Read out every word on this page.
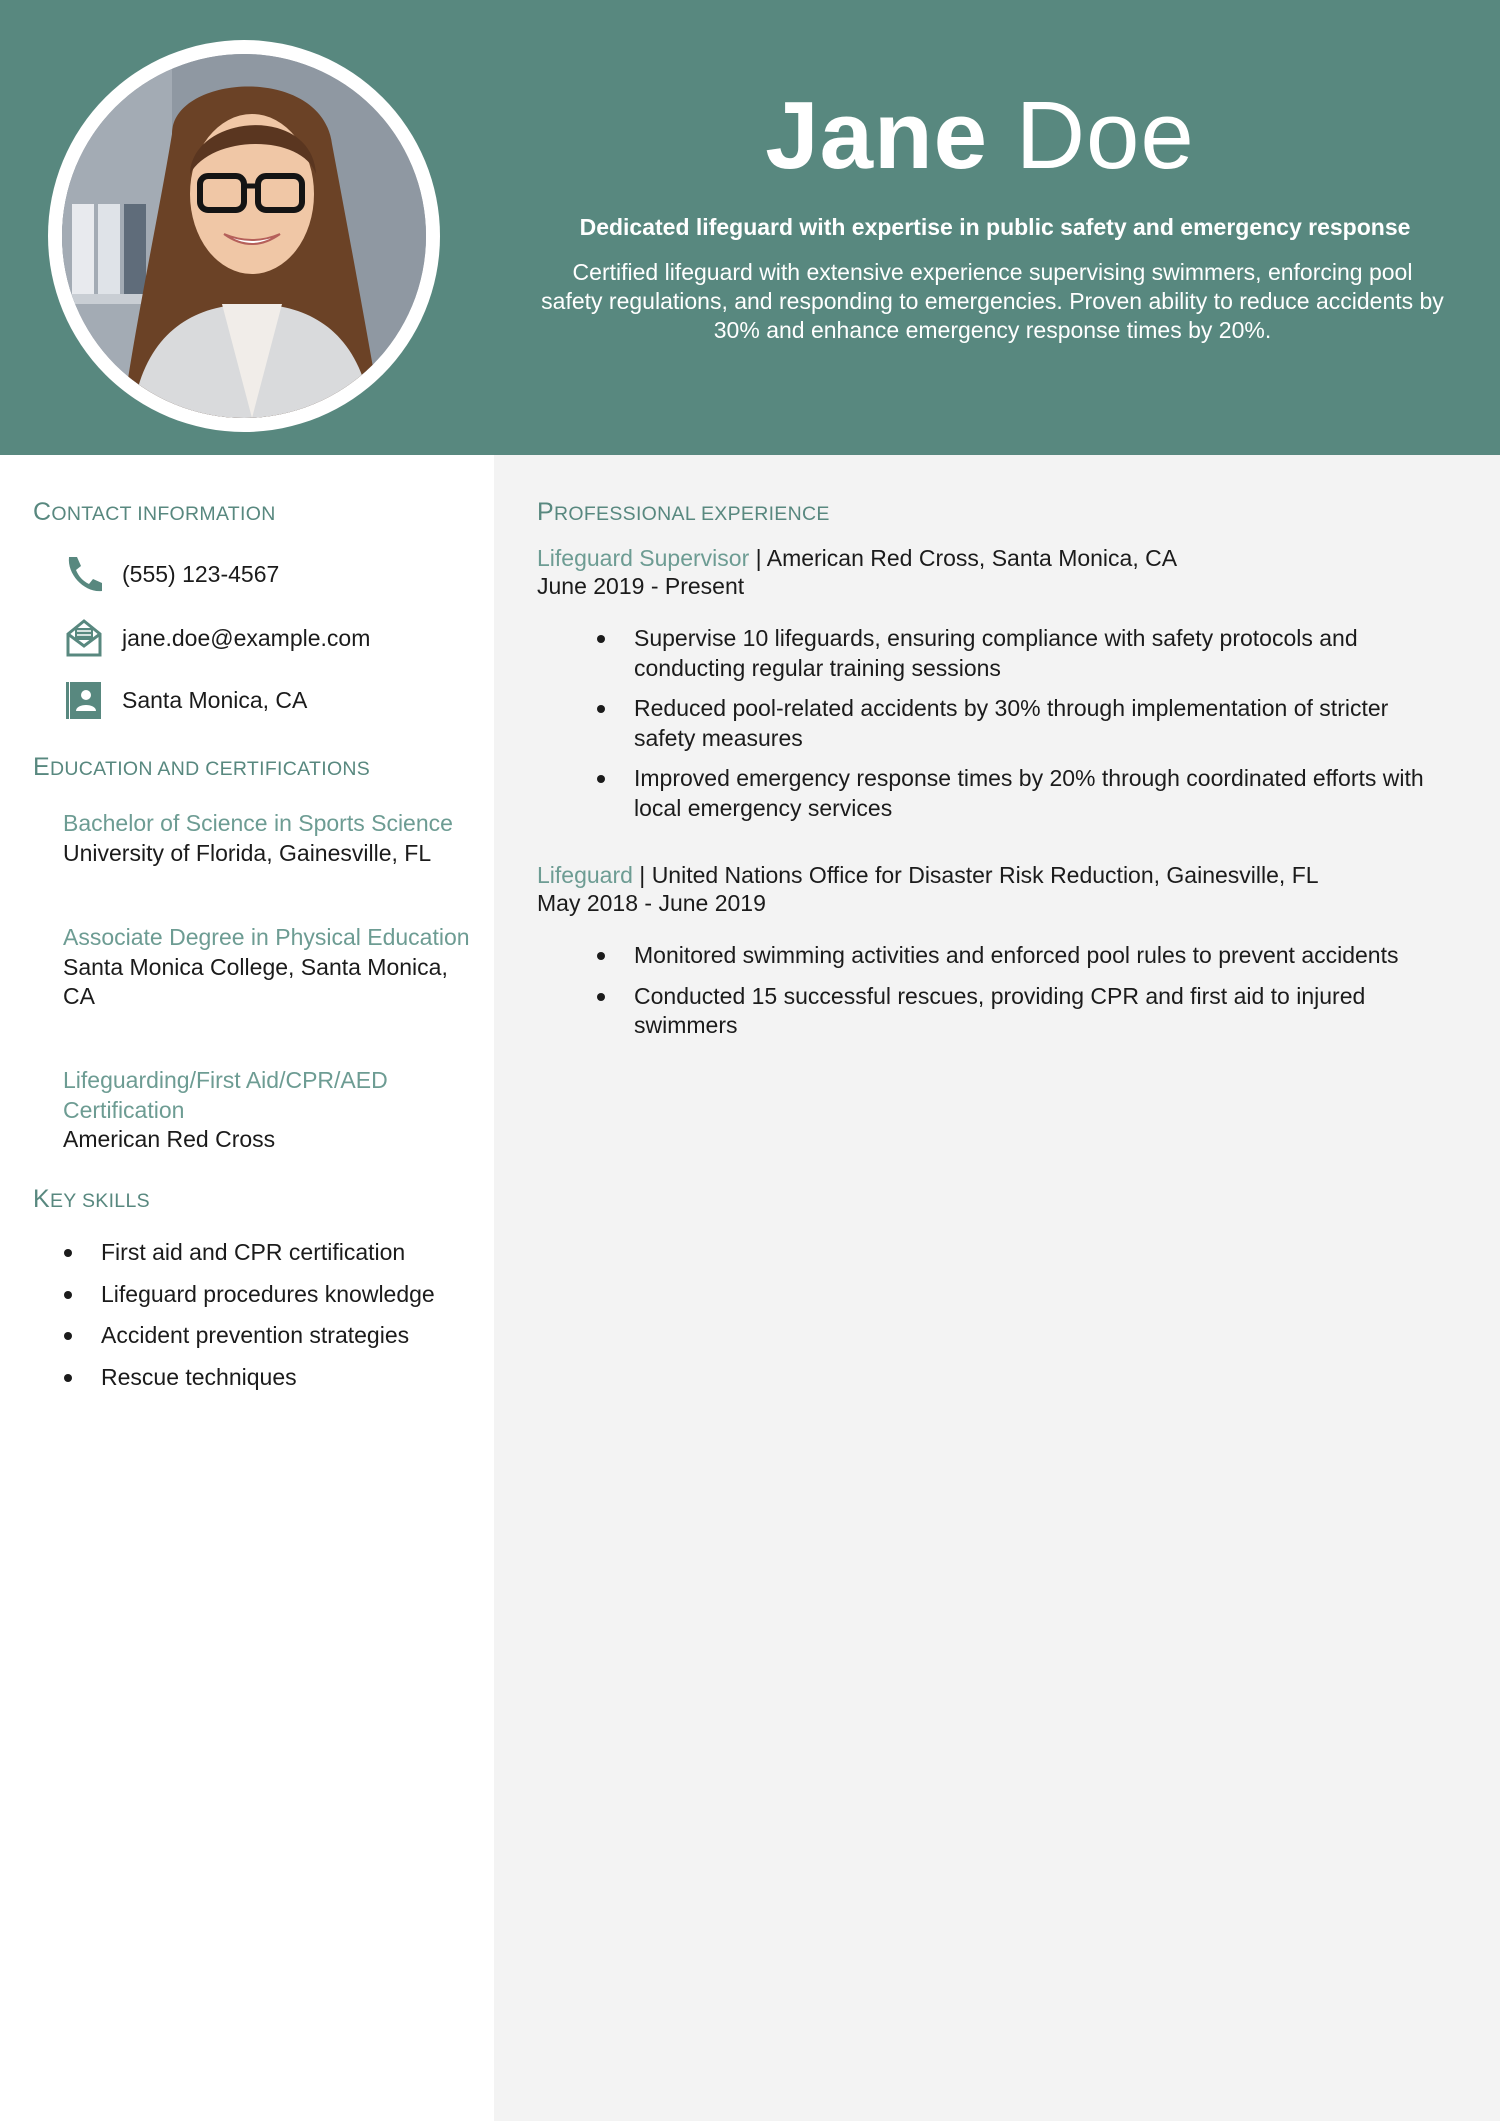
Jane Doe
Dedicated lifeguard with expertise in public safety and emergency response
Certified lifeguard with extensive experience supervising swimmers, enforcing pool safety regulations, and responding to emergencies. Proven ability to reduce accidents by 30% and enhance emergency response times by 20%.
CONTACT INFORMATION
(555) 123-4567
jane.doe@example.com
Santa Monica, CA
EDUCATION AND CERTIFICATIONS
Bachelor of Science in Sports Science
University of Florida, Gainesville, FL
Associate Degree in Physical Education
Santa Monica College, Santa Monica, CA
Lifeguarding/First Aid/CPR/AED Certification
American Red Cross
KEY SKILLS
First aid and CPR certification
Lifeguard procedures knowledge
Accident prevention strategies
Rescue techniques
PROFESSIONAL EXPERIENCE
Lifeguard Supervisor | American Red Cross, Santa Monica, CA
June 2019 - Present
Supervise 10 lifeguards, ensuring compliance with safety protocols and conducting regular training sessions
Reduced pool-related accidents by 30% through implementation of stricter safety measures
Improved emergency response times by 20% through coordinated efforts with local emergency services
Lifeguard | United Nations Office for Disaster Risk Reduction, Gainesville, FL
May 2018 - June 2019
Monitored swimming activities and enforced pool rules to prevent accidents
Conducted 15 successful rescues, providing CPR and first aid to injured swimmers
